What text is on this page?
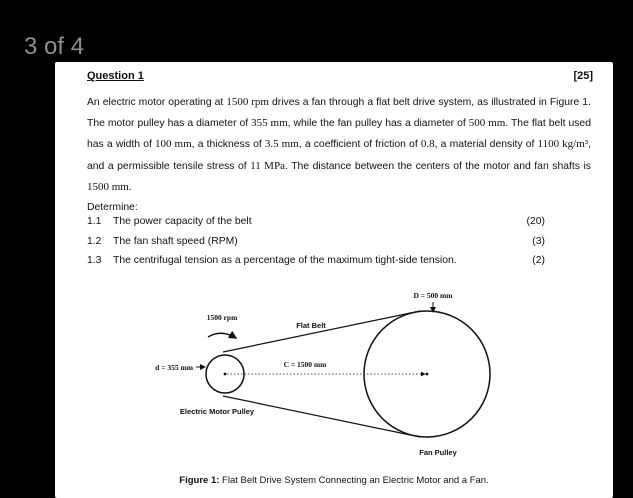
3 of 4
Question 1	[25]

An electric motor operating at 1500 rpm drives a fan through a flat belt drive system, as illustrated in Figure 1. The motor pulley has a diameter of 355 mm, while the fan pulley has a diameter of 500 mm. The flat belt used has a width of 100 mm, a thickness of 3.5 mm, a coefficient of friction of 0.8, a material density of 1100 kg/m³, and a permissible tensile stress of 11 MPa. The distance between the centers of the motor and fan shafts is 1500 mm.

Determine:

1.1	The power capacity of the belt	(20)
1.2	The fan shaft speed (RPM)	(3)
1.3	The centrifugal tension as a percentage of the maximum tight-side tension.	(2)
D = 500 mm
1500 rpm
Flat Belt
d = 355 mm	C = 1500 mm
Electric Motor Pulley
Fan Pulley
Figure 1: Flat Belt Drive System Connecting an Electric Motor and a Fan.
